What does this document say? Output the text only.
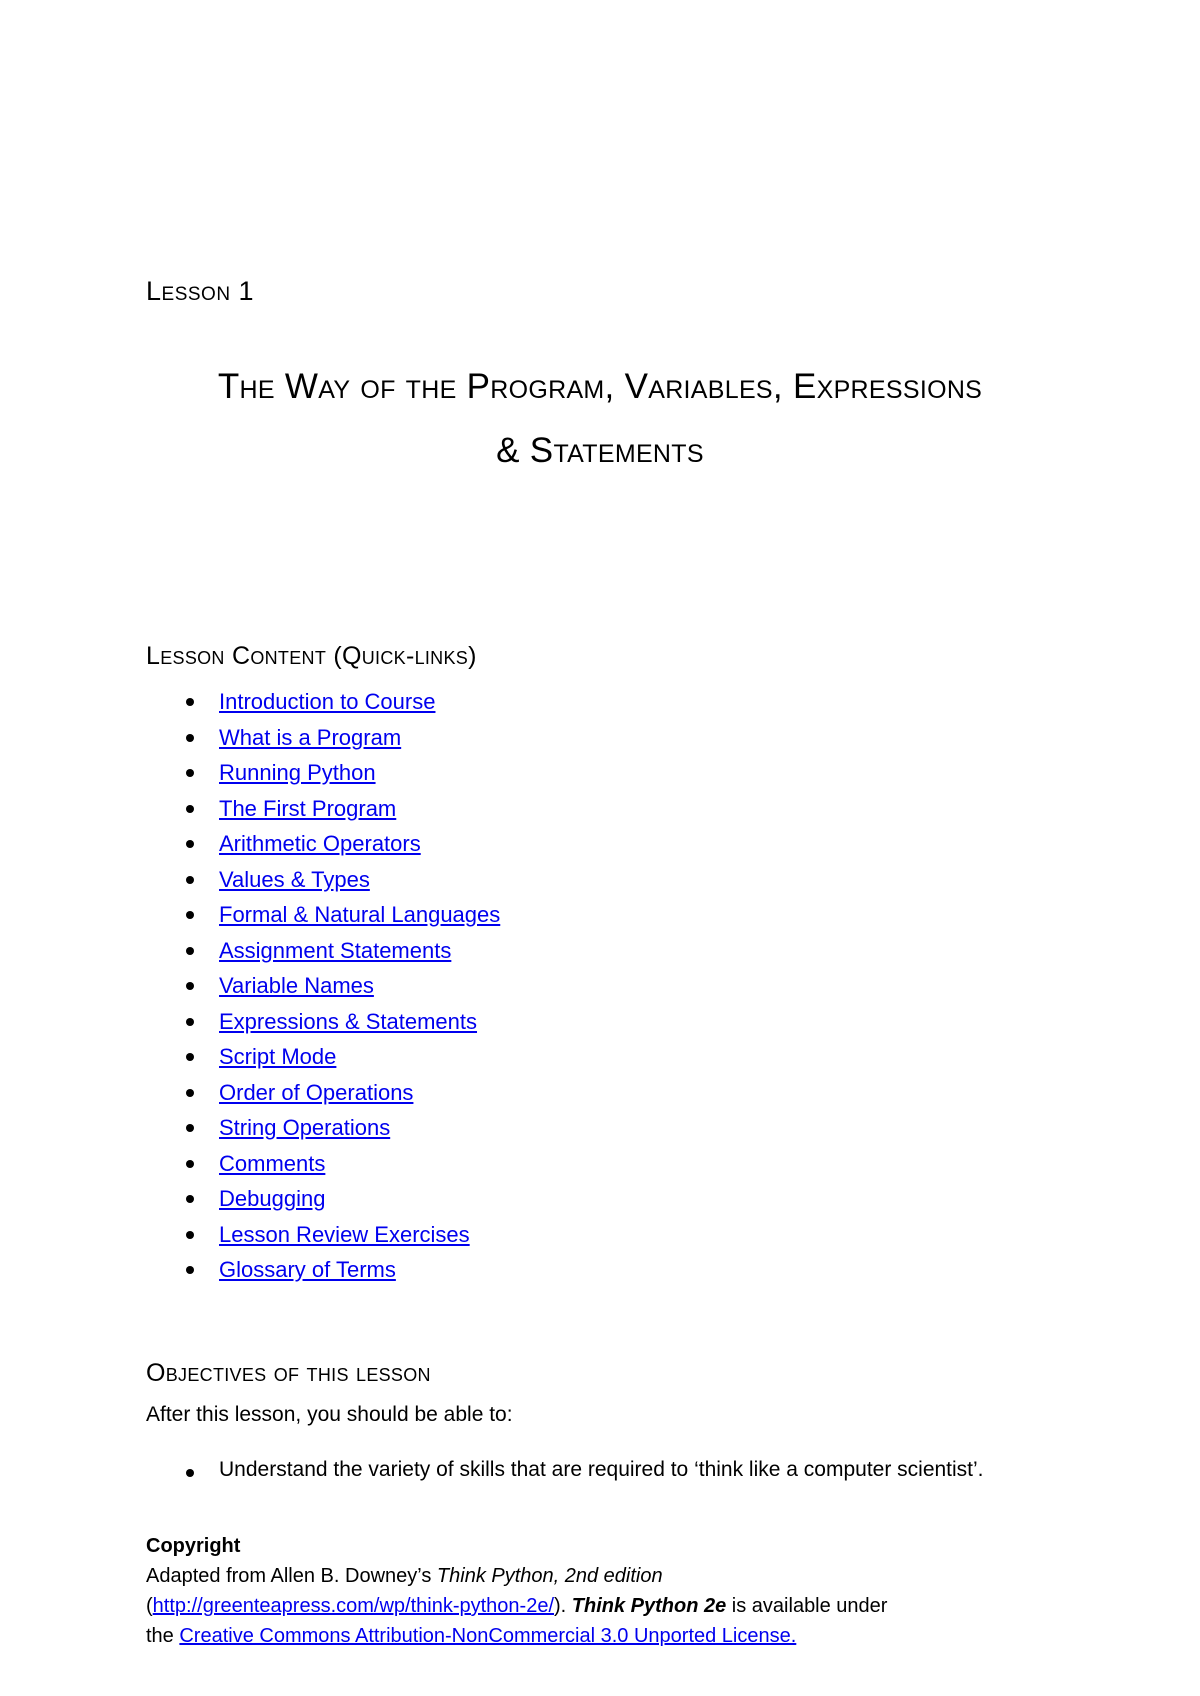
Lesson 1
The Way of the Program, Variables, Expressions
& Statements
Lesson Content (Quick-links)
Introduction to Course
What is a Program
Running Python
The First Program
Arithmetic Operators
Values & Types
Formal & Natural Languages
Assignment Statements
Variable Names
Expressions & Statements
Script Mode
Order of Operations
String Operations
Comments
Debugging
Lesson Review Exercises
Glossary of Terms
Objectives of this lesson
After this lesson, you should be able to:
Understand the variety of skills that are required to ‘think like a computer scientist’.
Copyright
Adapted from Allen B. Downey’s Think Python, 2nd edition
(http://greenteapress.com/wp/think-python-2e/). Think Python 2e is available under
the Creative Commons Attribution-NonCommercial 3.0 Unported License.
